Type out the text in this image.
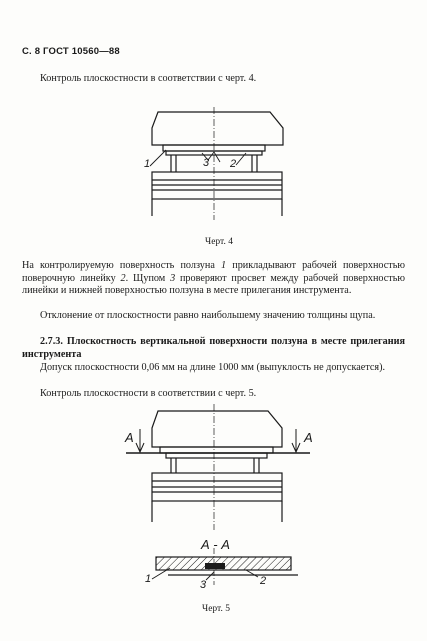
С. 8 ГОСТ 10560—88
Контроль плоскостности в соответствии с черт. 4.
1	3 2
Черт. 4
На контролируемую поверхность ползуна 1 прикладывают рабочей поверхностью поверочную линейку 2. Щупом 3 проверяют просвет между рабочей поверхностью линейки и нижней поверхностью ползуна в месте прилегания инструмента.
Отклонение от плоскостности равно наибольшему значению толщины щупа.
2.7.3. Плоскостность вертикальной поверхности ползуна в месте прилегания инструмента
Допуск плоскостности 0,06 мм на длине 1000 мм (выпуклость не допускается).
Контроль плоскостности в соответствии с черт. 5.
А	А
А - А
1	3	2
Черт. 5
